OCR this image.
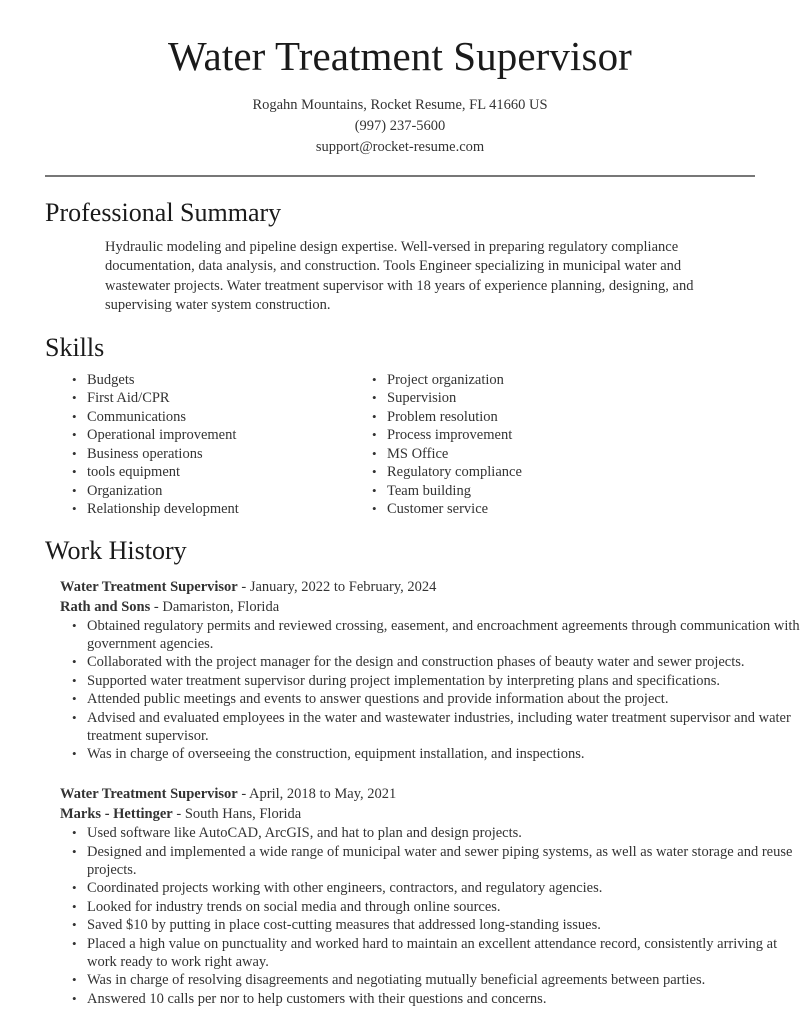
Water Treatment Supervisor
Rogahn Mountains, Rocket Resume, FL 41660 US
(997) 237-5600
support@rocket-resume.com
Professional Summary

Hydraulic modeling and pipeline design expertise. Well-versed in preparing regulatory compliance documentation, data analysis, and construction. Tools Engineer specializing in municipal water and wastewater projects. Water treatment supervisor with 18 years of experience planning, designing, and supervising water system construction.

Skills
• Budgets
• First Aid/CPR
• Communications
• Operational improvement
• Business operations
• tools equipment
• Organization
• Relationship development
• Project organization
• Supervision
• Problem resolution
• Process improvement
• MS Office
• Regulatory compliance
• Team building
• Customer service
Work History
Water Treatment Supervisor - January, 2022 to February, 2024
Rath and Sons - Damariston, Florida
• Obtained regulatory permits and reviewed crossing, easement, and encroachment agreements through communication with government agencies.
• Collaborated with the project manager for the design and construction phases of beauty water and sewer projects.
• Supported water treatment supervisor during project implementation by interpreting plans and specifications.
• Attended public meetings and events to answer questions and provide information about the project.
• Advised and evaluated employees in the water and wastewater industries, including water treatment supervisor and water treatment supervisor.
• Was in charge of overseeing the construction, equipment installation, and inspections.
Water Treatment Supervisor - April, 2018 to May, 2021
Marks - Hettinger - South Hans, Florida
• Used software like AutoCAD, ArcGIS, and hat to plan and design projects.
• Designed and implemented a wide range of municipal water and sewer piping systems, as well as water storage and reuse projects.
• Coordinated projects working with other engineers, contractors, and regulatory agencies.
• Looked for industry trends on social media and through online sources.
• Saved $10 by putting in place cost-cutting measures that addressed long-standing issues.
• Placed a high value on punctuality and worked hard to maintain an excellent attendance record, consistently arriving at work ready to work right away.
• Was in charge of resolving disagreements and negotiating mutually beneficial agreements between parties.
• Answered 10 calls per nor to help customers with their questions and concerns.
